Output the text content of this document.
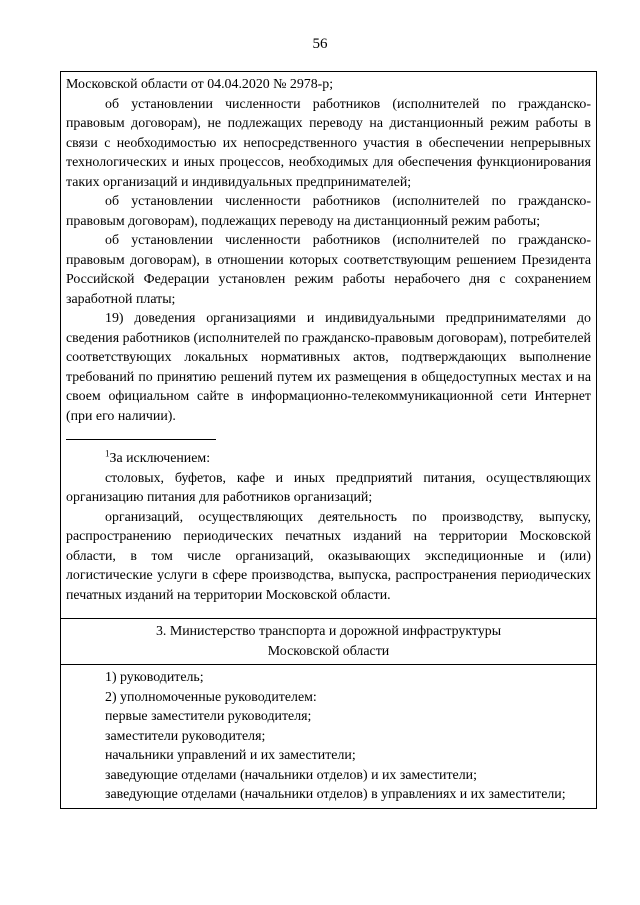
56

Московской области от 04.04.2020 № 2978-р;

об установлении численности работников (исполнителей по гражданско-правовым договорам), не подлежащих переводу на дистанционный режим работы в связи с необходимостью их непосредственного участия в обеспечении непрерывных технологических и иных процессов, необходимых для обеспечения функционирования таких организаций и индивидуальных предпринимателей;

об установлении численности работников (исполнителей по гражданско-правовым договорам), подлежащих переводу на дистанционный режим работы;

об установлении численности работников (исполнителей по гражданско-правовым договорам), в отношении которых соответствующим решением Президента Российской Федерации установлен режим работы нерабочего дня с сохранением заработной платы;

19) доведения организациями и индивидуальными предпринимателями до сведения работников (исполнителей по гражданско-правовым договорам), потребителей соответствующих локальных нормативных актов, подтверждающих выполнение требований по принятию решений путем их размещения в общедоступных местах и на своем официальном сайте в информационно-телекоммуникационной сети Интернет (при его наличии).

$^1$За исключением:

столовых, буфетов, кафе и иных предприятий питания, осуществляющих организацию питания для работников организаций;

организаций, осуществляющих деятельность по производству, выпуску, распространению периодических печатных изданий на территории Московской области, в том числе организаций, оказывающих экспедиционные и (или) логистические услуги в сфере производства, выпуска, распространения периодических печатных изданий на территории Московской области.

3. Министерство транспорта и дорожной инфраструктуры
Московской области

1) руководитель;

2) уполномоченные руководителем:

первые заместители руководителя;

заместители руководителя;

начальники управлений и их заместители;

заведующие отделами (начальники отделов) и их заместители;

заведующие отделами (начальники отделов) в управлениях и их заместители;
